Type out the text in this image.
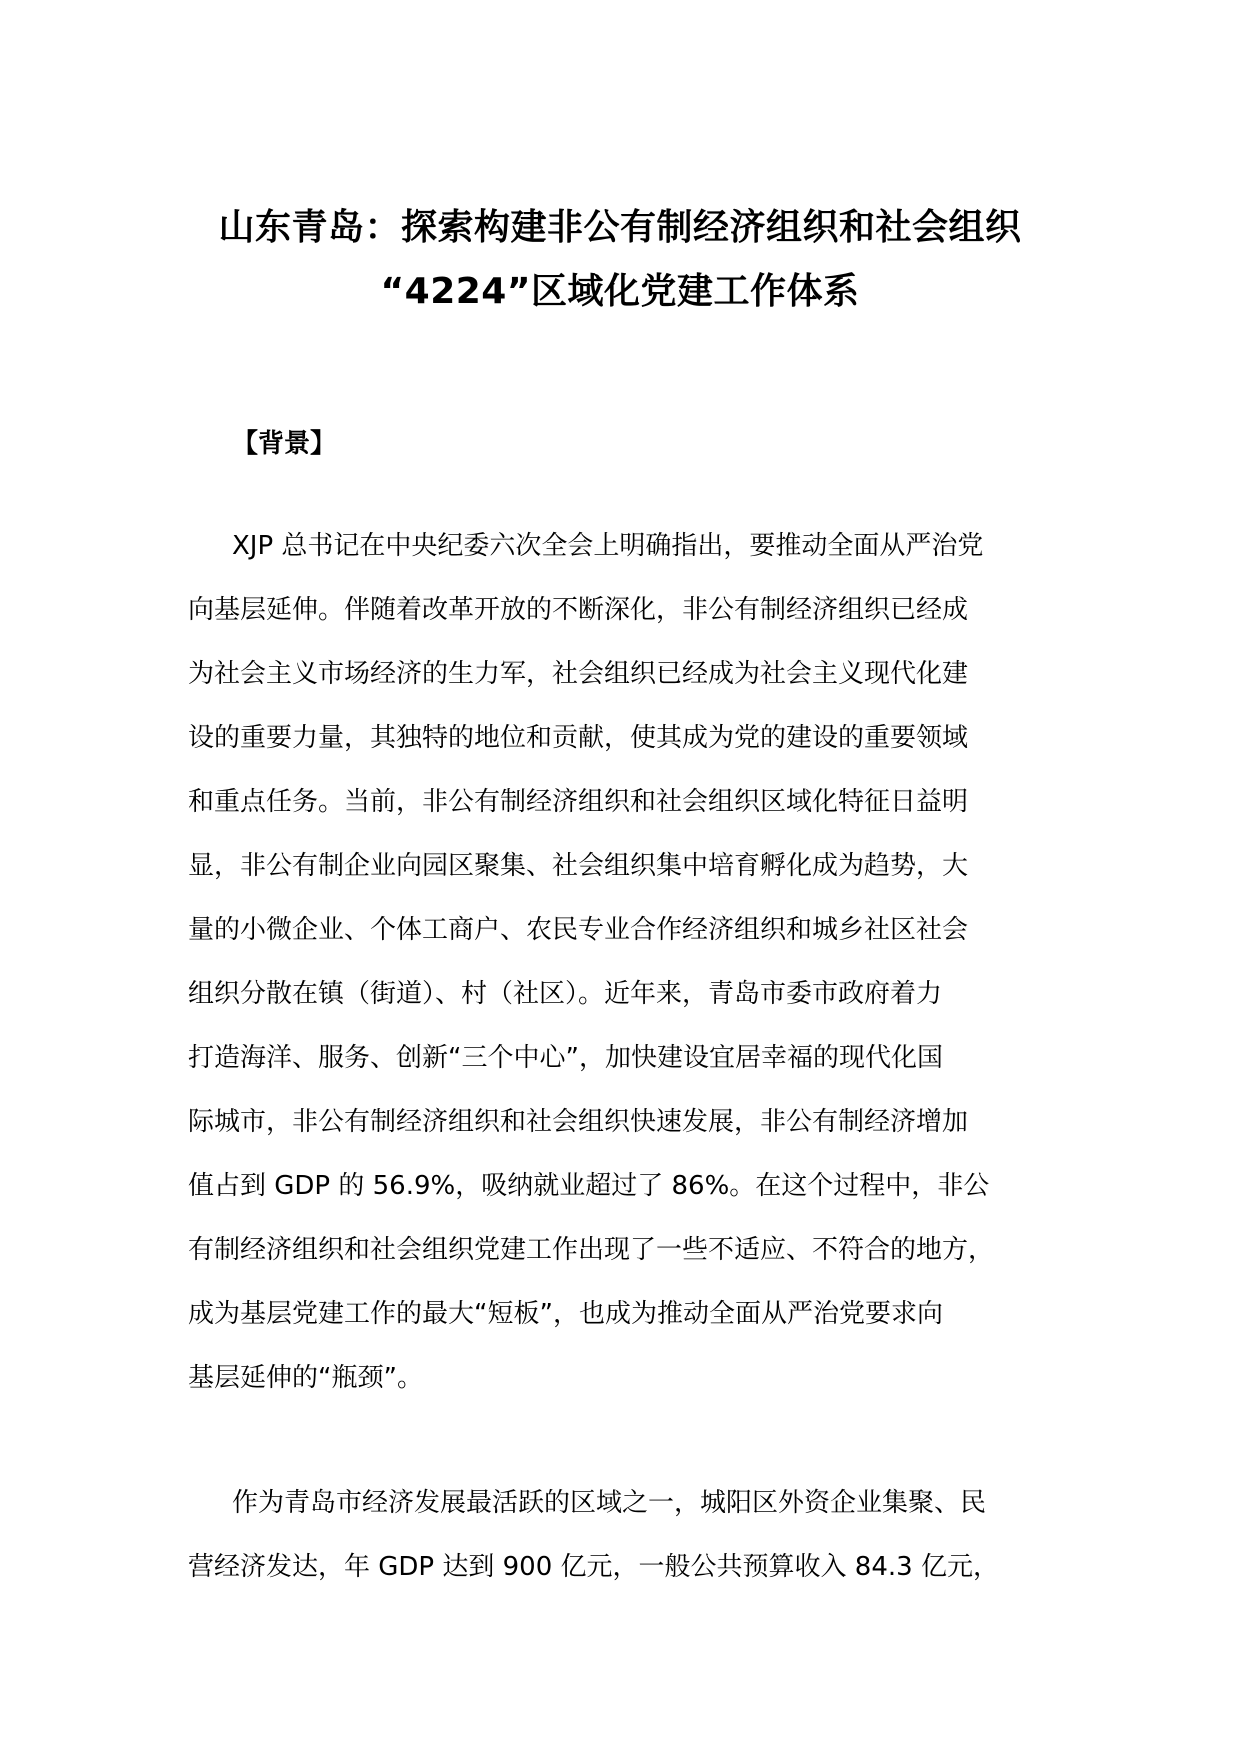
山东青岛：探索构建非公有制经济组织和社会组织
“4224”区域化党建工作体系
【背景】
XJP 总书记在中央纪委六次全会上明确指出，要推动全面从严治党
向基层延伸。伴随着改革开放的不断深化，非公有制经济组织已经成
为社会主义市场经济的生力军，社会组织已经成为社会主义现代化建
设的重要力量，其独特的地位和贡献，使其成为党的建设的重要领域
和重点任务。当前，非公有制经济组织和社会组织区域化特征日益明
显，非公有制企业向园区聚集、社会组织集中培育孵化成为趋势，大
量的小微企业、个体工商户、农民专业合作经济组织和城乡社区社会
组织分散在镇（街道）、村（社区）。近年来，青岛市委市政府着力
打造海洋、服务、创新“三个中心”，加快建设宜居幸福的现代化国
际城市，非公有制经济组织和社会组织快速发展，非公有制经济增加
值占到 GDP 的 56.9%，吸纳就业超过了 86%。在这个过程中，非公
有制经济组织和社会组织党建工作出现了一些不适应、不符合的地方，
成为基层党建工作的最大“短板”，也成为推动全面从严治党要求向
基层延伸的“瓶颈”。
作为青岛市经济发展最活跃的区域之一，城阳区外资企业集聚、民
营经济发达，年 GDP 达到 900 亿元，一般公共预算收入 84.3 亿元，
